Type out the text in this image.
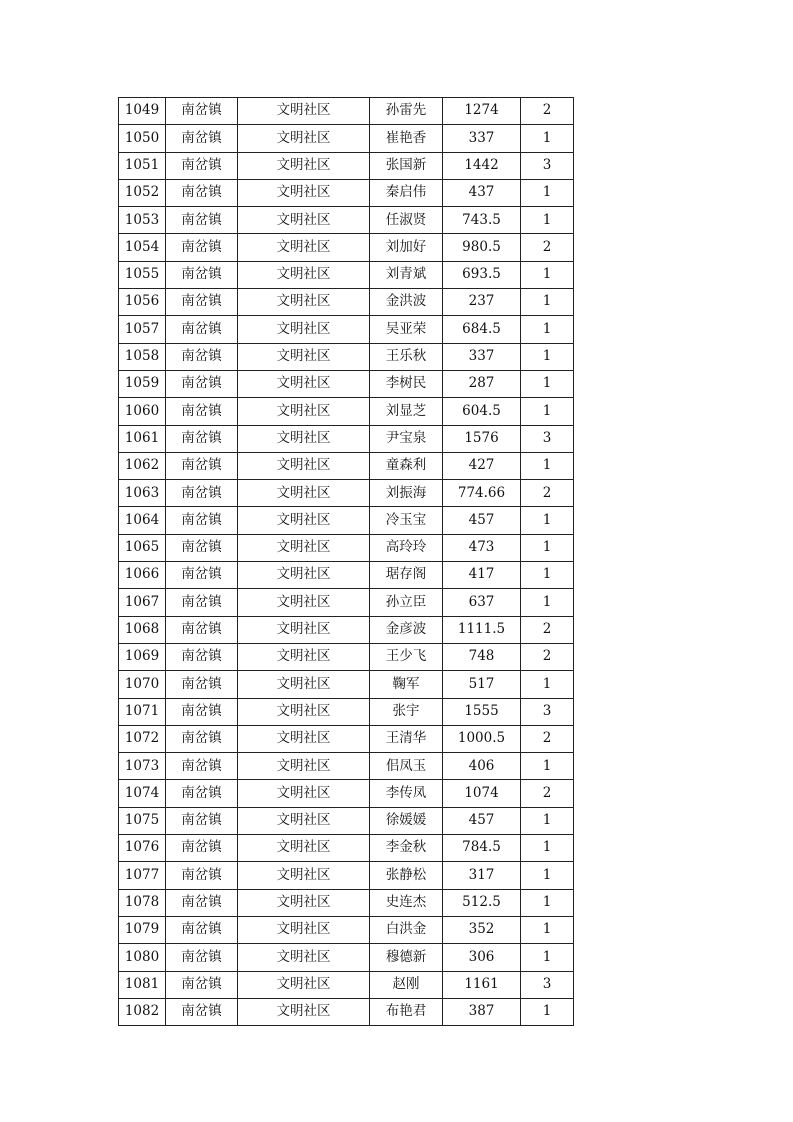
1049	南岔镇	文明社区	孙雷先	1274	2
1050	南岔镇	文明社区	崔艳香	337	1
1051	南岔镇	文明社区	张国新	1442	3
1052	南岔镇	文明社区	秦启伟	437	1
1053	南岔镇	文明社区	任淑贤	743.5	1
1054	南岔镇	文明社区	刘加好	980.5	2
1055	南岔镇	文明社区	刘青斌	693.5	1
1056	南岔镇	文明社区	金洪波	237	1
1057	南岔镇	文明社区	吴亚荣	684.5	1
1058	南岔镇	文明社区	王乐秋	337	1
1059	南岔镇	文明社区	李树民	287	1
1060	南岔镇	文明社区	刘显芝	604.5	1
1061	南岔镇	文明社区	尹宝泉	1576	3
1062	南岔镇	文明社区	童森利	427	1
1063	南岔镇	文明社区	刘振海	774.66	2
1064	南岔镇	文明社区	冷玉宝	457	1
1065	南岔镇	文明社区	高玲玲	473	1
1066	南岔镇	文明社区	琚存阁	417	1
1067	南岔镇	文明社区	孙立臣	637	1
1068	南岔镇	文明社区	金彦波	1111.5	2
1069	南岔镇	文明社区	王少飞	748	2
1070	南岔镇	文明社区	鞠军	517	1
1071	南岔镇	文明社区	张宇	1555	3
1072	南岔镇	文明社区	王清华	1000.5	2
1073	南岔镇	文明社区	佀凤玉	406	1
1074	南岔镇	文明社区	李传凤	1074	2
1075	南岔镇	文明社区	徐媛媛	457	1
1076	南岔镇	文明社区	李金秋	784.5	1
1077	南岔镇	文明社区	张静松	317	1
1078	南岔镇	文明社区	史连杰	512.5	1
1079	南岔镇	文明社区	白洪金	352	1
1080	南岔镇	文明社区	穆德新	306	1
1081	南岔镇	文明社区	赵刚	1161	3
1082	南岔镇	文明社区	布艳君	387	1
